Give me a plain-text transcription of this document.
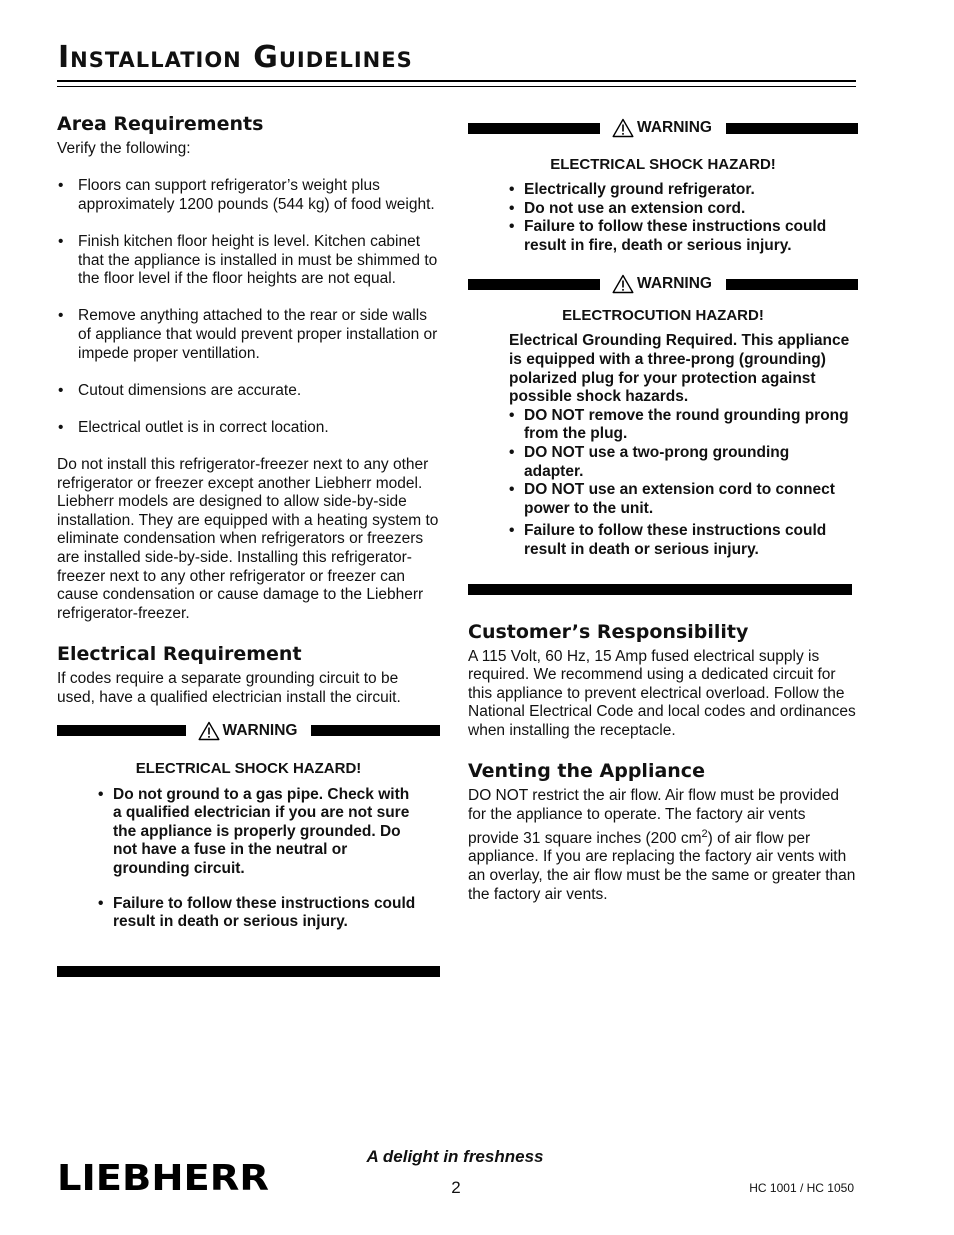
Installation Guidelines
Area Requirements

Verify the following:

• Floors can support refrigerator’s weight plus approximately 1200 pounds (544 kg) of food weight.
• Finish kitchen floor height is level. Kitchen cabinet that the appliance is installed in must be shimmed to the floor level if the floor heights are not equal.
• Remove anything attached to the rear or side walls of appliance that would prevent proper installation or impede proper ventillation.
• Cutout dimensions are accurate.
• Electrical outlet is in correct location.

Do not install this refrigerator-freezer next to any other refrigerator or freezer except another Liebherr model. Liebherr models are designed to allow side-by-side installation. They are equipped with a heating system to eliminate condensation when refrigerators or freezers are installed side-by-side. Installing this refrigerator-freezer next to any other refrigerator or freezer can cause condensation or cause damage to the Liebherr refrigerator-freezer.

Electrical Requirement

If codes require a separate grounding circuit to be used, have a qualified electrician install the circuit.

WARNING
ELECTRICAL SHOCK HAZARD!
• Do not ground to a gas pipe. Check with a qualified electrician if you are not sure the appliance is properly grounded. Do not have a fuse in the neutral or grounding circuit.
• Failure to follow these instructions could result in death or serious injury.
WARNING
ELECTRICAL SHOCK HAZARD!
• Electrically ground refrigerator.
• Do not use an extension cord.
• Failure to follow these instructions could result in fire, death or serious injury.
WARNING
ELECTROCUTION HAZARD!
Electrical Grounding Required. This appliance is equipped with a three-prong (grounding) polarized plug for your protection against possible shock hazards.
• DO NOT remove the round grounding prong from the plug.
• DO NOT use a two-prong grounding adapter.
• DO NOT use an extension cord to connect power to the unit.
• Failure to follow these instructions could result in death or serious injury.
Customer’s Responsibility

A 115 Volt, 60 Hz, 15 Amp fused electrical supply is required. We recommend using a dedicated circuit for this appliance to prevent electrical overload. Follow the National Electrical Code and local codes and ordinances when installing the receptacle.

Venting the Appliance

DO NOT restrict the air flow. Air flow must be provided for the appliance to operate. The factory air vents provide 31 square inches (200 $cm^2$) of air flow per appliance. If you are replacing the factory air vents with an overlay, the air flow must be the same or greater than the factory air vents.

LIEBHERR
A delight in freshness
2	HC 1001 / HC 1050
